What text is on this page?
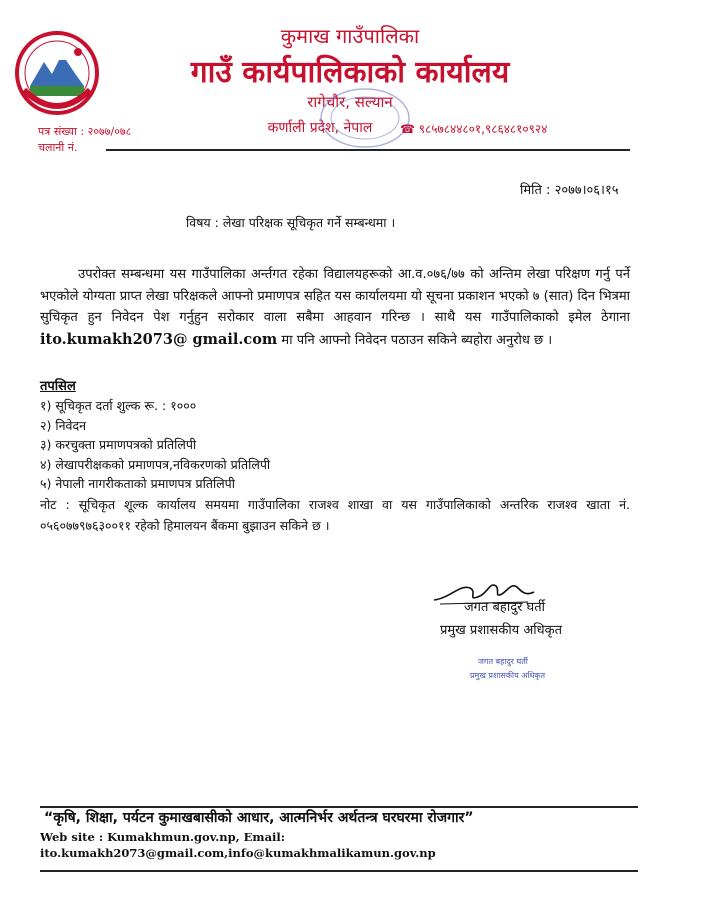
कुमाख गाउँपालिका
गाउँ कार्यपालिकाको कार्यालय
रागेचौर, सल्यान
कर्णाली प्रदेश, नेपाल	☎ ९८५७८४४८०१,९८६४८१०९२४
पत्र संख्या : २०७७/०७८
चलानी नं.
मिति : २०७७।०६।१५
विषय : लेखा परिक्षक सूचिकृत गर्ने सम्बन्धमा ।
उपरोक्त सम्बन्धमा यस गाउँपालिका अर्न्तगत रहेका विद्यालयहरूको आ.व.०७६/७७ को अन्तिम लेखा परिक्षण गर्नु पर्ने भएकोले योग्यता प्राप्त लेखा परिक्षकले आफ्नो प्रमाणपत्र सहित यस कार्यालयमा यो सूचना प्रकाशन भएको ७ (सात) दिन भित्रमा सुचिकृत हुन निवेदन पेश गर्नुहुन सरोकार वाला सबैमा आहवान गरिन्छ । साथै यस गाउँपालिकाको इमेल ठेगाना ito.kumakh2073@ gmail.com मा पनि आफ्नो निवेदन पठाउन सकिने ब्यहोरा अनुरोध छ ।
तपसिल
१) सूचिकृत दर्ता शुल्क रू. : १०००
२) निवेदन
३) करचुक्ता प्रमाणपत्रको प्रतिलिपी
४) लेखापरीक्षकको प्रमाणपत्र,नविकरणको प्रतिलिपी
५) नेपाली नागरीकताको प्रमाणपत्र प्रतिलिपी
नोट : सूचिकृत शूल्क कार्यालय समयमा गाउँपालिका राजश्व शाखा वा यस गाउँपालिकाको अन्तरिक राजश्व खाता नं. ०५६०७७९७६३००११ रहेको हिमालयन बैंकमा बुझाउन सकिने छ ।
जगत बहादुर घर्ती
प्रमुख प्रशासकीय अधिकृत
जगत बहादुर घर्ती
प्रमुख प्रशासकीय अधिकृत
“कृषि, शिक्षा, पर्यटन कुमाखबासीको आधार, आत्मनिर्भर अर्थतन्त्र घरघरमा रोजगार”
Web site : Kumakhmun.gov.np, Email:
ito.kumakh2073@gmail.com,info@kumakhmalikamun.gov.np
